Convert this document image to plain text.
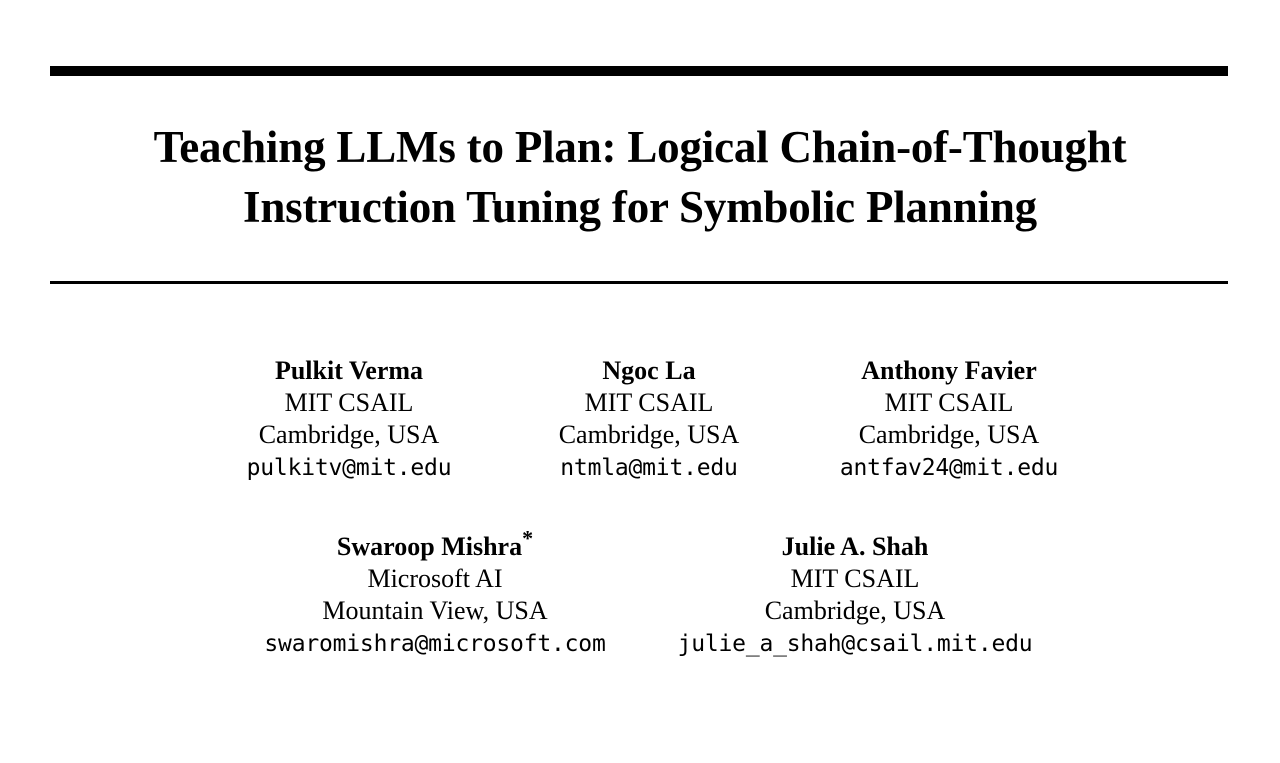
Teaching LLMs to Plan: Logical Chain-of-Thought
Instruction Tuning for Symbolic Planning
Pulkit Verma
MIT CSAIL
Cambridge, USA
pulkitv@mit.edu
Ngoc La
MIT CSAIL
Cambridge, USA
ntmla@mit.edu
Anthony Favier
MIT CSAIL
Cambridge, USA
antfav24@mit.edu
Swaroop Mishra*
Microsoft AI
Mountain View, USA
swaromishra@microsoft.com
Julie A. Shah
MIT CSAIL
Cambridge, USA
julie_a_shah@csail.mit.edu
